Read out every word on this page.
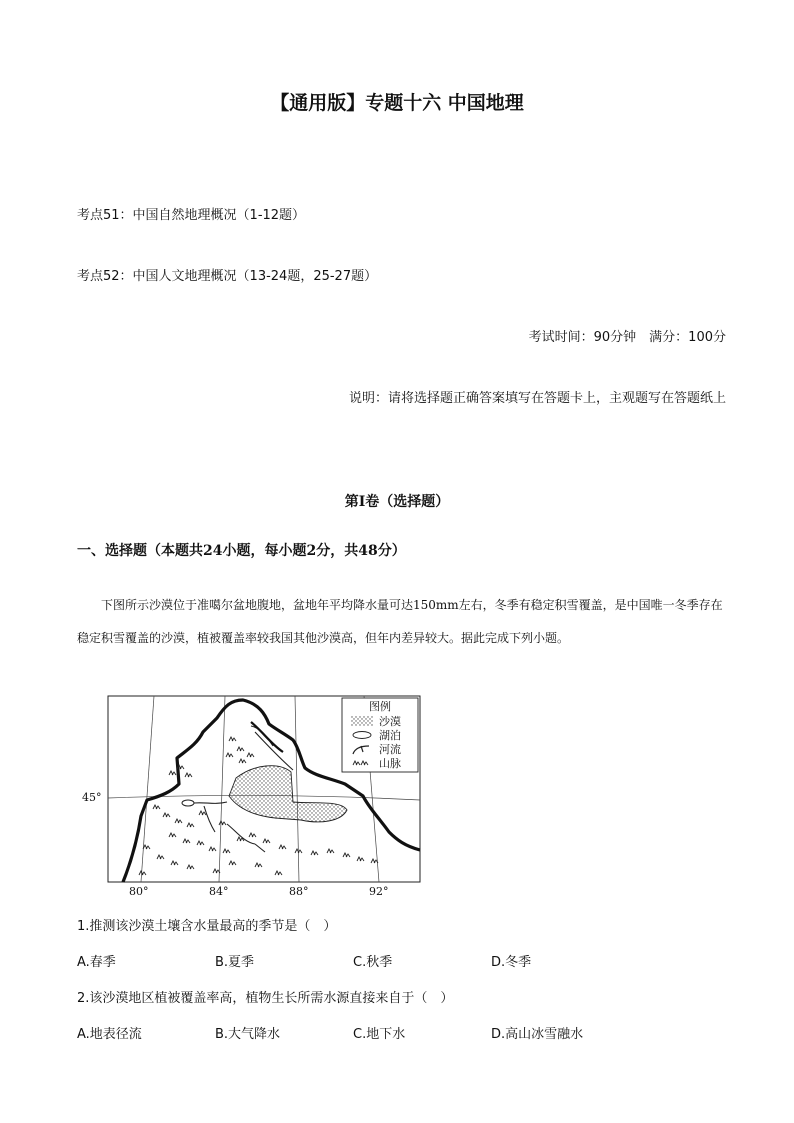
【通用版】专题十六 中国地理
考点51：中国自然地理概况（1-12题）
考点52：中国人文地理概况（13-24题，25-27题）
考试时间：90分钟　满分：100分
说明：请将选择题正确答案填写在答题卡上，主观题写在答题纸上
第Ⅰ卷（选择题）
一、选择题（本题共24小题，每小题2分，共48分）
下图所示沙漠位于准噶尔盆地腹地，盆地年平均降水量可达150mm左右，冬季有稳定积雪覆盖，是中国唯一冬季存在稳定积雪覆盖的沙漠，植被覆盖率较我国其他沙漠高，但年内差异较大。据此完成下列小题。
图例
沙漠
湖泊
河流
山脉
45°
80°	84°	88°	92°
1.推测该沙漠土壤含水量最高的季节是（　）
A.春季	B.夏季	C.秋季	D.冬季
2.该沙漠地区植被覆盖率高，植物生长所需水源直接来自于（　）
A.地表径流	B.大气降水	C.地下水	D.高山冰雪融水
